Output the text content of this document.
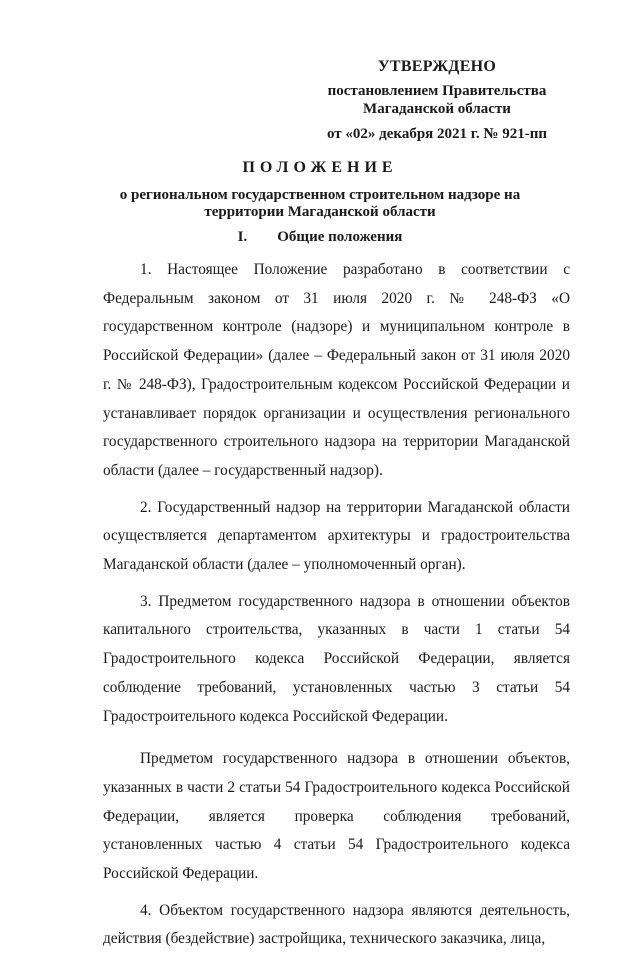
УТВЕРЖДЕНО
постановлением Правительства
Магаданской области
от «02» декабря 2021 г. № 921-пп
ПОЛОЖЕНИЕ
о региональном государственном строительном надзоре на
территории Магаданской области
I. Общие положения

1. Настоящее Положение разработано в соответствии с Федеральным законом от 31 июля 2020 г. № 248-ФЗ «О государственном контроле (надзоре) и муниципальном контроле в Российской Федерации» (далее – Федеральный закон от 31 июля 2020 г. № 248-ФЗ), Градостроительным кодексом Российской Федерации и устанавливает порядок организации и осуществления регионального государственного строительного надзора на территории Магаданской области (далее – государственный надзор).

2. Государственный надзор на территории Магаданской области осуществляется департаментом архитектуры и градостроительства Магаданской области (далее – уполномоченный орган).

3. Предметом государственного надзора в отношении объектов капитального строительства, указанных в части 1 статьи 54 Градостроительного кодекса Российской Федерации, является соблюдение требований, установленных частью 3 статьи 54 Градостроительного кодекса Российской Федерации.

Предметом государственного надзора в отношении объектов, указанных в части 2 статьи 54 Градостроительного кодекса Российской Федерации, является проверка соблюдения требований, установленных частью 4 статьи 54 Градостроительного кодекса Российской Федерации.

4. Объектом государственного надзора являются деятельность, действия (бездействие) застройщика, технического заказчика, лица,
